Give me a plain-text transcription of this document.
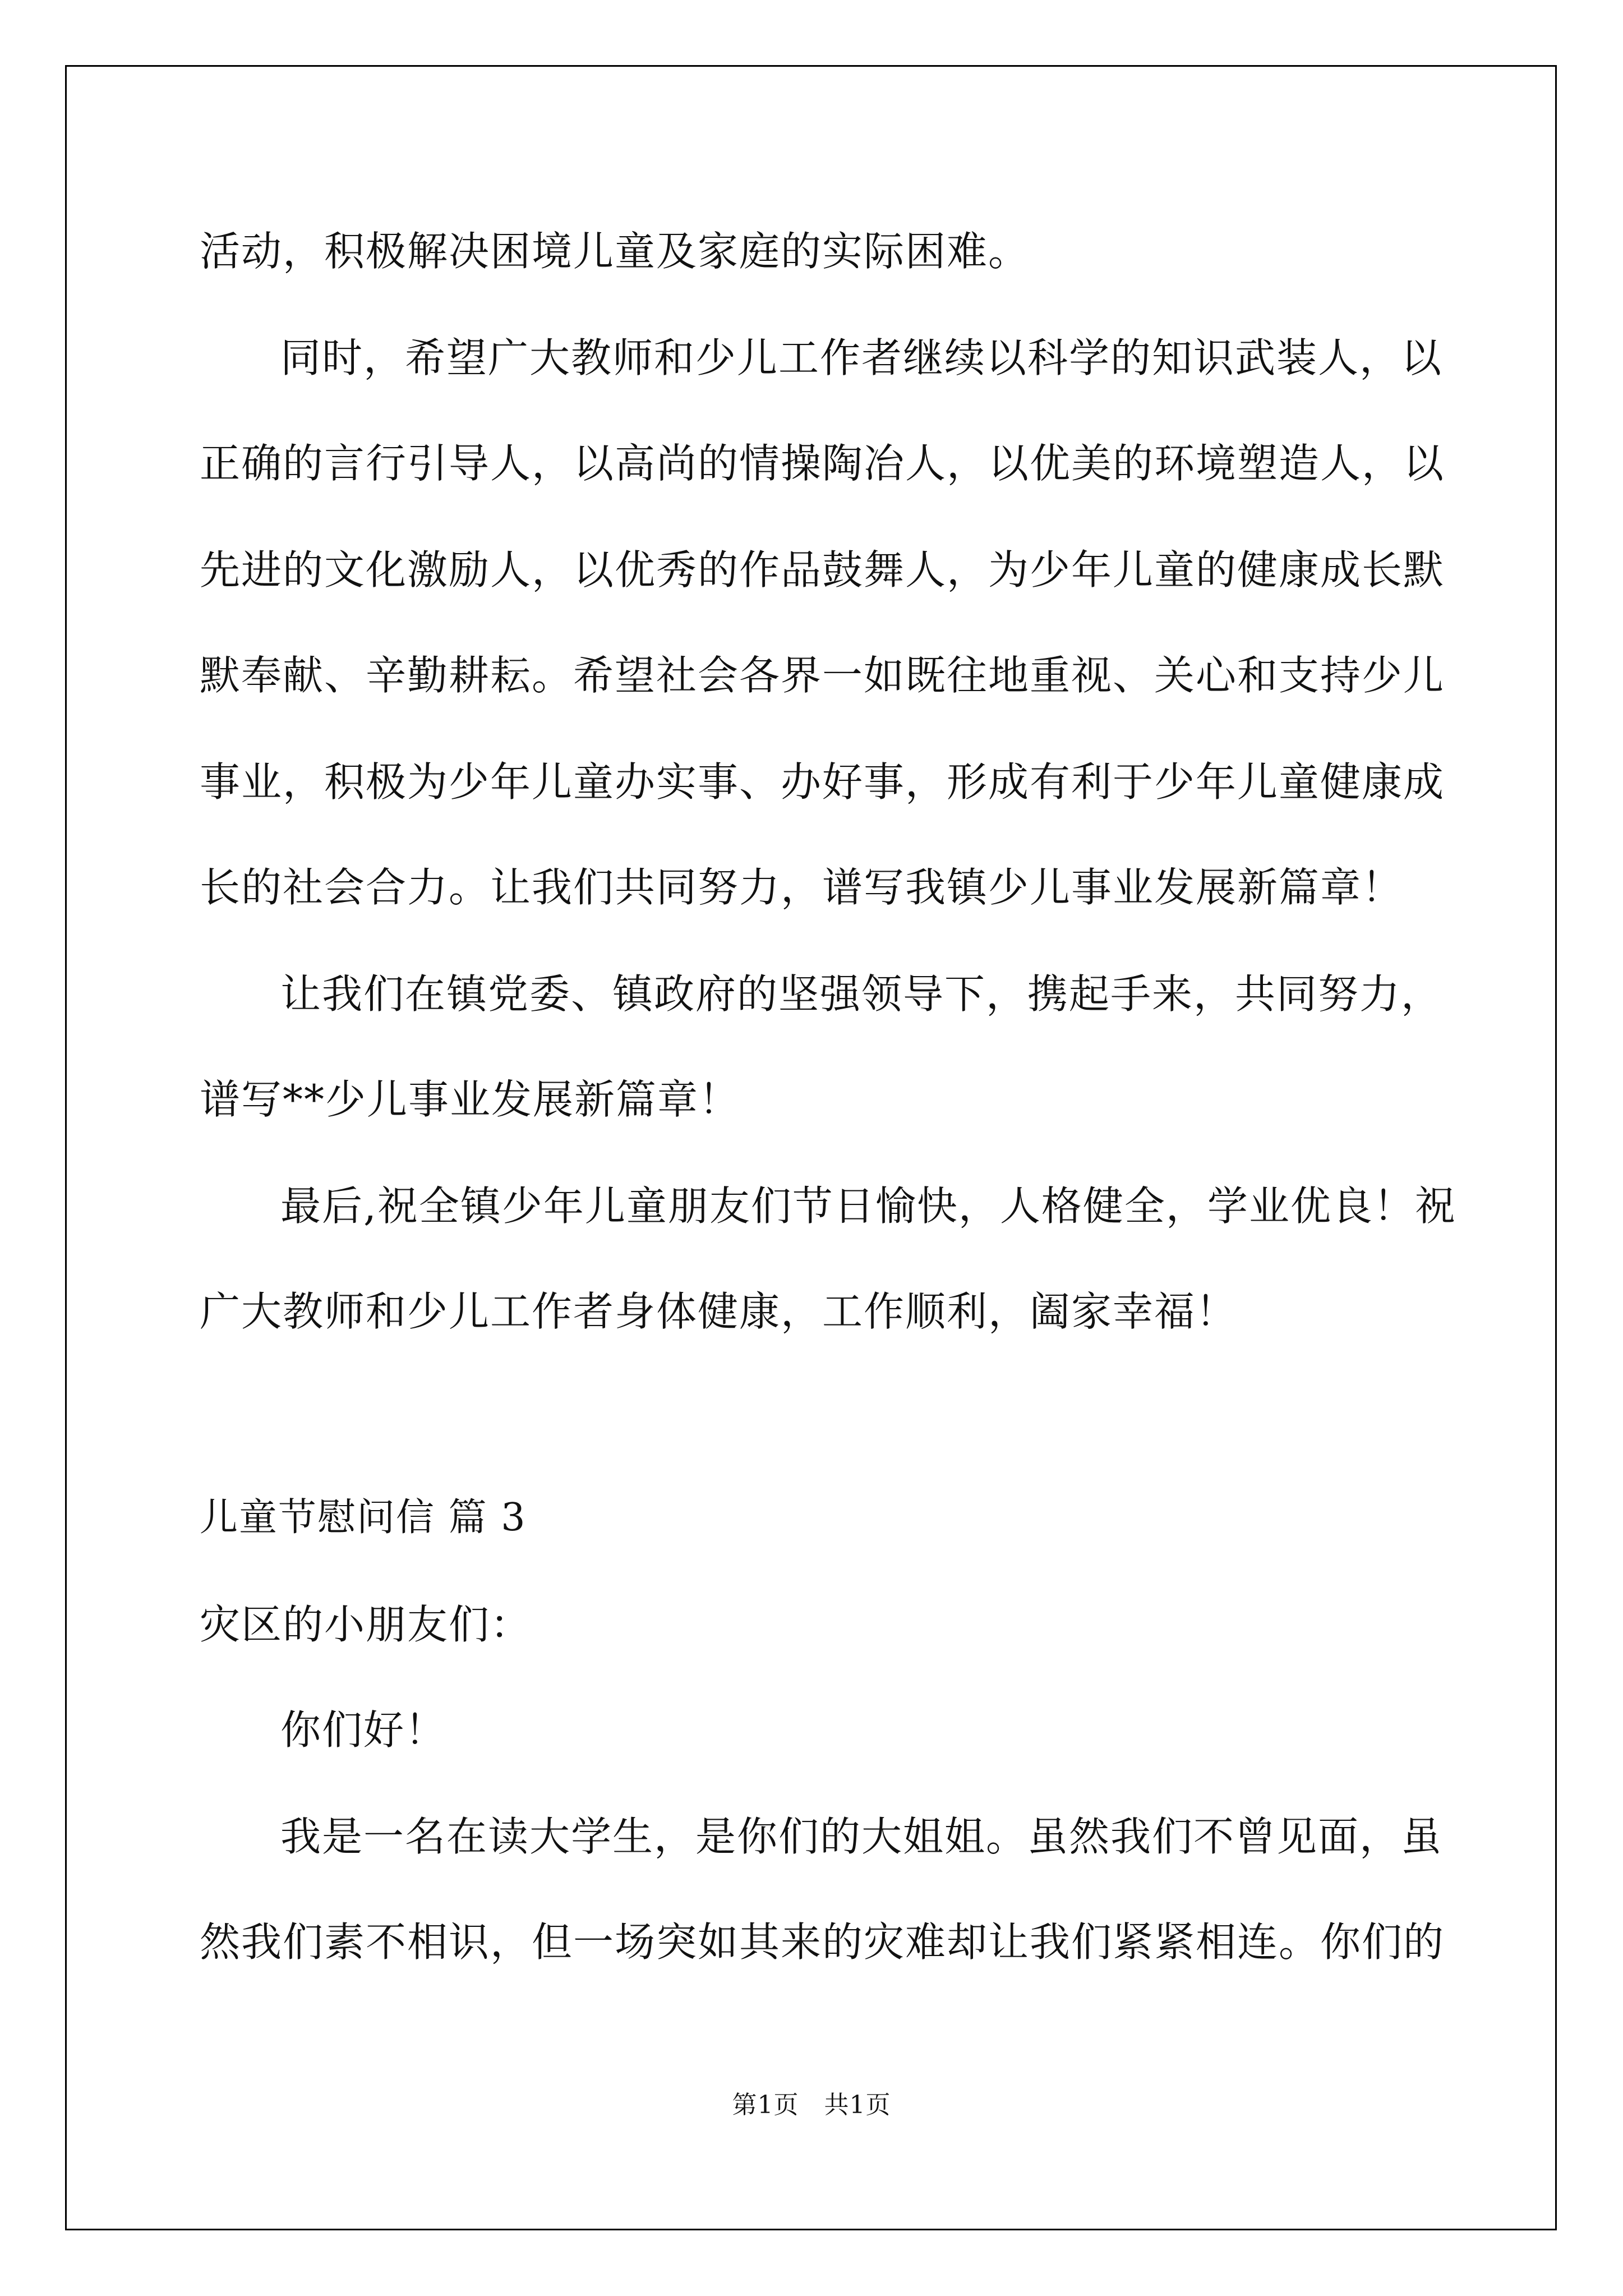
活动，积极解决困境儿童及家庭的实际困难。
同时，希望广大教师和少儿工作者继续以科学的知识武装人，以
正确的言行引导人，以高尚的情操陶冶人，以优美的环境塑造人，以
先进的文化激励人，以优秀的作品鼓舞人，为少年儿童的健康成长默
默奉献、辛勤耕耘。希望社会各界一如既往地重视、关心和支持少儿
事业，积极为少年儿童办实事、办好事，形成有利于少年儿童健康成
长的社会合力。让我们共同努力，谱写我镇少儿事业发展新篇章！
让我们在镇党委、镇政府的坚强领导下，携起手来，共同努力，
谱写**少儿事业发展新篇章！
最后,祝全镇少年儿童朋友们节日愉快，人格健全，学业优良！祝
广大教师和少儿工作者身体健康，工作顺利，阖家幸福！
儿童节慰问信 篇 3
灾区的小朋友们：
你们好！
我是一名在读大学生，是你们的大姐姐。虽然我们不曾见面，虽
然我们素不相识，但一场突如其来的灾难却让我们紧紧相连。你们的
第1页　共1页
